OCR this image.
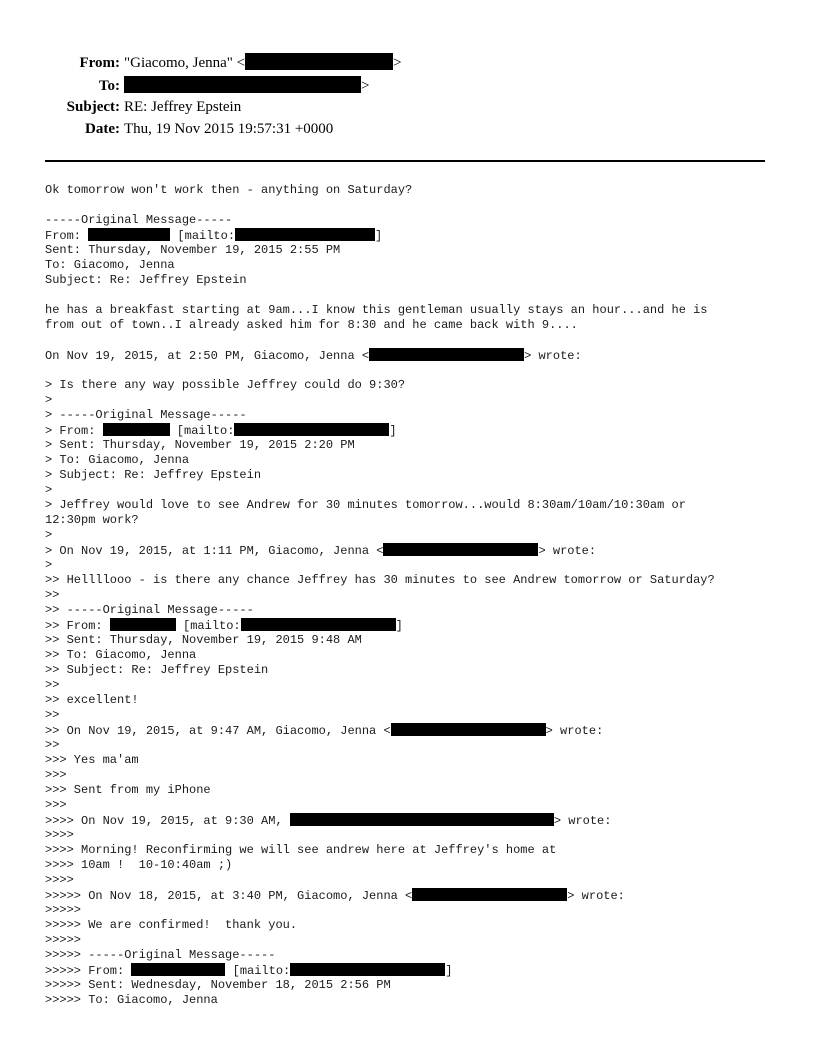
From: "Giacomo, Jenna" <	>
To:	>
Subject: RE: Jeffrey Epstein
Date: Thu, 19 Nov 2015 19:57:31 +0000
Ok tomorrow won't work then - anything on Saturday?
-----Original Message-----
From:	[mailto:	]
Sent: Thursday, November 19, 2015 2:55 PM
To: Giacomo, Jenna
Subject: Re: Jeffrey Epstein
he has a breakfast starting at 9am...I know this gentleman usually stays an hour...and he is
from out of town..I already asked him for 8:30 and he came back with 9....
On Nov 19, 2015, at 2:50 PM, Giacomo, Jenna <	> wrote:
> Is there any way possible Jeffrey could do 9:30?
>
> -----Original Message-----
> From:	[mailto:	]
> Sent: Thursday, November 19, 2015 2:20 PM
> To: Giacomo, Jenna
> Subject: Re: Jeffrey Epstein
>
> Jeffrey would love to see Andrew for 30 minutes tomorrow...would 8:30am/10am/10:30am or
12:30pm work?
>
> On Nov 19, 2015, at 1:11 PM, Giacomo, Jenna <	> wrote:
>
>> Hellllooo - is there any chance Jeffrey has 30 minutes to see Andrew tomorrow or Saturday?
>>
>> -----Original Message-----
>> From:	[mailto:	]
>> Sent: Thursday, November 19, 2015 9:48 AM
>> To: Giacomo, Jenna
>> Subject: Re: Jeffrey Epstein
>>
>> excellent!
>>
>> On Nov 19, 2015, at 9:47 AM, Giacomo, Jenna <	> wrote:
>>
>>> Yes ma'am
>>>
>>> Sent from my iPhone
>>>
>>>> On Nov 19, 2015, at 9:30 AM,	> wrote:
>>>>
>>>> Morning! Reconfirming we will see andrew here at Jeffrey's home at
>>>> 10am !  10-10:40am ;)
>>>>
>>>>> On Nov 18, 2015, at 3:40 PM, Giacomo, Jenna <	> wrote:
>>>>>
>>>>> We are confirmed!  thank you.
>>>>>
>>>>> -----Original Message-----
>>>>> From:	[mailto:	]
>>>>> Sent: Wednesday, November 18, 2015 2:56 PM
>>>>> To: Giacomo, Jenna
